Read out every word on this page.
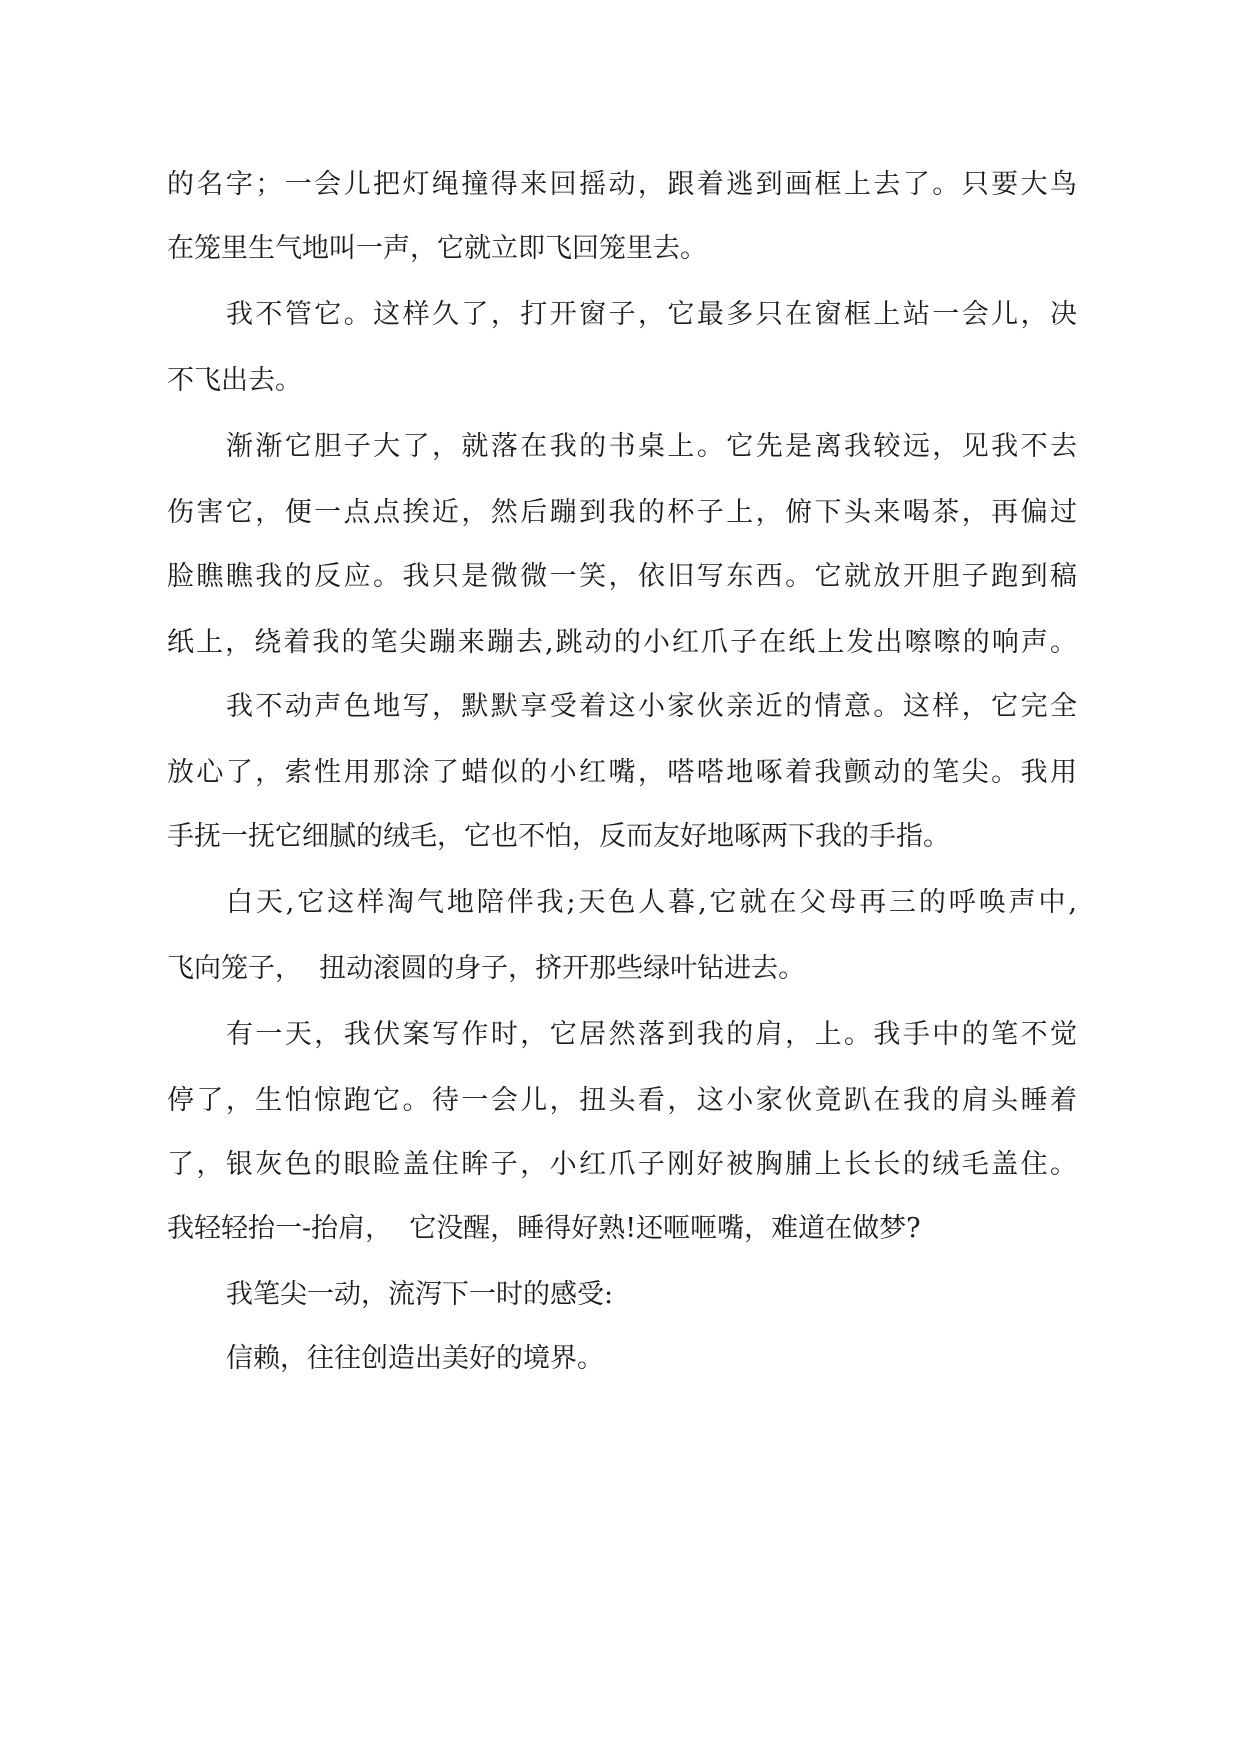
的名字；一会儿把灯绳撞得来回摇动，跟着逃到画框上去了。只要大鸟

在笼里生气地叫一声，它就立即飞回笼里去。

我不管它。这样久了，打开窗子，它最多只在窗框上站一会儿，决

不飞出去。

渐渐它胆子大了，就落在我的书桌上。它先是离我较远，见我不去

伤害它，便一点点挨近，然后蹦到我的杯子上，俯下头来喝茶，再偏过

脸瞧瞧我的反应。我只是微微一笑，依旧写东西。它就放开胆子跑到稿

纸上，绕着我的笔尖蹦来蹦去,跳动的小红爪子在纸上发出嚓嚓的响声。

我不动声色地写，默默享受着这小家伙亲近的情意。这样，它完全

放心了，索性用那涂了蜡似的小红嘴，嗒嗒地啄着我颤动的笔尖。我用

手抚一抚它细腻的绒毛，它也不怕，反而友好地啄两下我的手指。

白天,它这样淘气地陪伴我;天色人暮,它就在父母再三的呼唤声中,

飞向笼子，  扭动滚圆的身子，挤开那些绿叶钻进去。

有一天，我伏案写作时，它居然落到我的肩，上。我手中的笔不觉

停了，生怕惊跑它。待一会儿，扭头看，这小家伙竟趴在我的肩头睡着

了，银灰色的眼睑盖住眸子，小红爪子刚好被胸脯上长长的绒毛盖住。

我轻轻抬一-抬肩，  它没醒，睡得好熟!还咂咂嘴，难道在做梦?

我笔尖一动，流泻下一时的感受:

信赖，往往创造出美好的境界。
